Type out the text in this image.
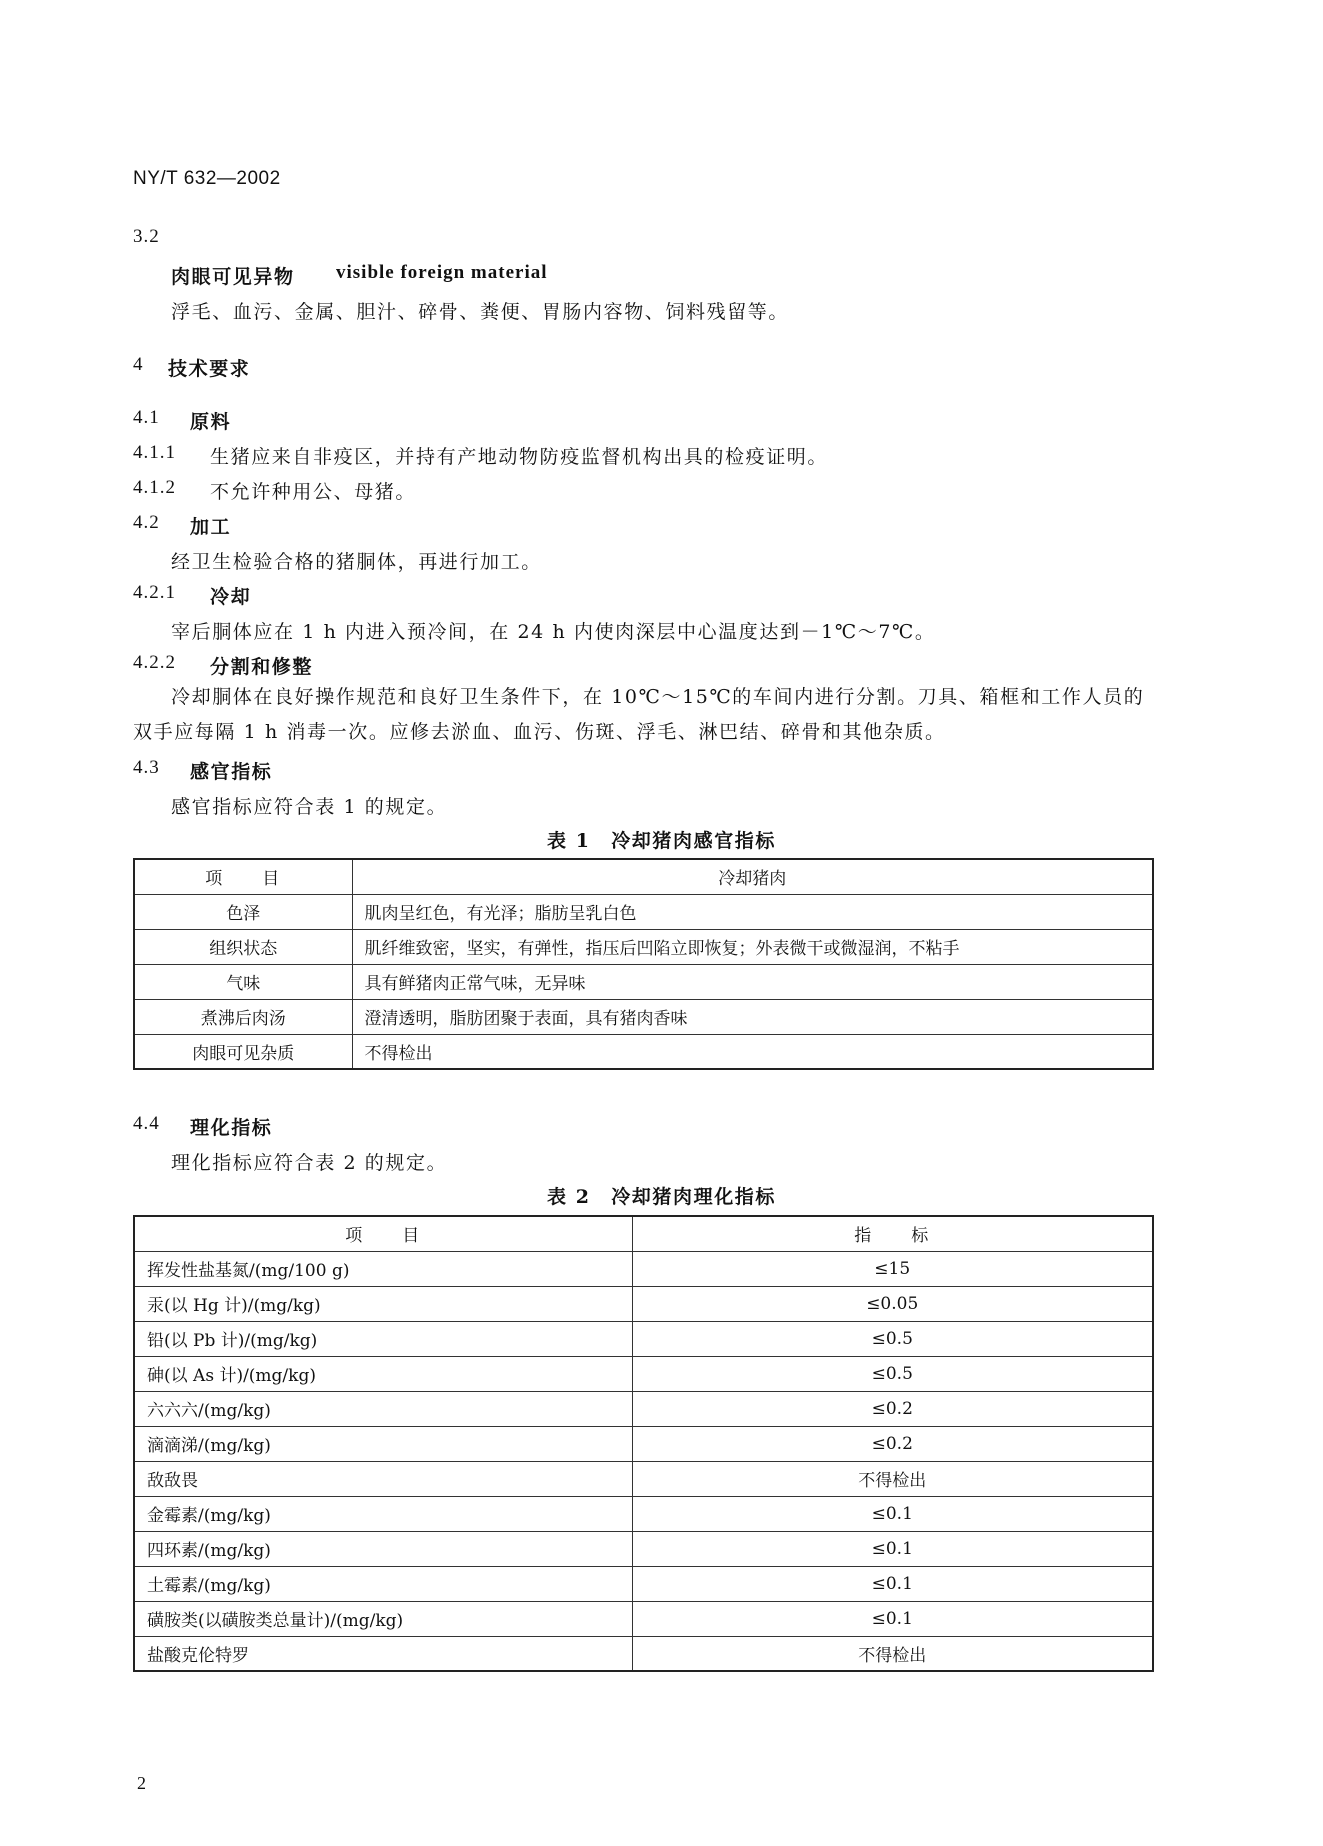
NY/T 632—2002
3.2
肉眼可见异物 visible foreign material
浮毛、血污、金属、胆汁、碎骨、粪便、胃肠内容物、饲料残留等。
4 技术要求
4.1 原料
4.1.1 生猪应来自非疫区，并持有产地动物防疫监督机构出具的检疫证明。
4.1.2 不允许种用公、母猪。
4.2 加工
经卫生检验合格的猪胴体，再进行加工。
4.2.1 冷却
宰后胴体应在 1 h 内进入预冷间，在 24 h 内使肉深层中心温度达到－1℃～7℃。
4.2.2 分割和修整
冷却胴体在良好操作规范和良好卫生条件下，在 10℃～15℃的车间内进行分割。刀具、箱框和工作人员的双手应每隔 1 h 消毒一次。应修去淤血、血污、伤斑、浮毛、淋巴结、碎骨和其他杂质。
4.3 感官指标
感官指标应符合表 1 的规定。
表 1　冷却猪肉感官指标
项　　目	冷却猪肉
色泽	肌肉呈红色，有光泽；脂肪呈乳白色
组织状态	肌纤维致密，坚实，有弹性，指压后凹陷立即恢复；外表微干或微湿润，不粘手
气味	具有鲜猪肉正常气味，无异味
煮沸后肉汤	澄清透明，脂肪团聚于表面，具有猪肉香味
肉眼可见杂质	不得检出
4.4 理化指标
理化指标应符合表 2 的规定。
表 2　冷却猪肉理化指标
项　　目	指　　标
挥发性盐基氮/(mg/100 g)	≤15
汞(以 Hg 计)/(mg/kg)	≤0.05
铅(以 Pb 计)/(mg/kg)	≤0.5
砷(以 As 计)/(mg/kg)	≤0.5
六六六/(mg/kg)	≤0.2
滴滴涕/(mg/kg)	≤0.2
敌敌畏	不得检出
金霉素/(mg/kg)	≤0.1
四环素/(mg/kg)	≤0.1
土霉素/(mg/kg)	≤0.1
磺胺类(以磺胺类总量计)/(mg/kg)	≤0.1
盐酸克伦特罗	不得检出
2
